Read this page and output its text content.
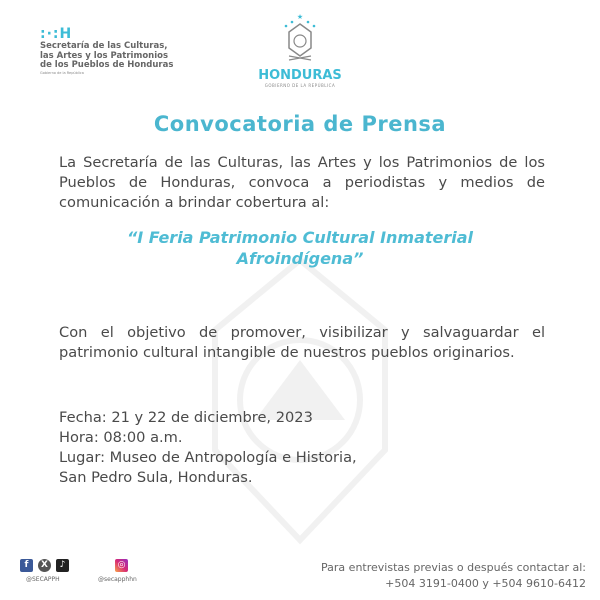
:·:H
Secretaría de las Culturas,
las Artes y los Patrimonios
de los Pueblos de Honduras
Gobierno de la República
★
HONDURAS
GOBIERNO DE LA REPÚBLICA
Convocatoria de Prensa
La Secretaría de las Culturas, las Artes y los Patrimonios de los Pueblos de Honduras, convoca a periodistas y medios de comunicación a brindar cobertura al:
“I Feria Patrimonio Cultural Inmaterial
Afroindígena”
Con el objetivo de promover, visibilizar y salvaguardar el patrimonio cultural intangible de nuestros pueblos originarios.
Fecha: 21 y 22 de diciembre, 2023
Hora: 08:00 a.m.
Lugar: Museo de Antropología e Historia,
San Pedro Sula, Honduras.
f	X	♪
@SECAPPH
◎
@secapphhn
Para entrevistas previas o después contactar al:
+504 3191-0400 y +504 9610-6412
